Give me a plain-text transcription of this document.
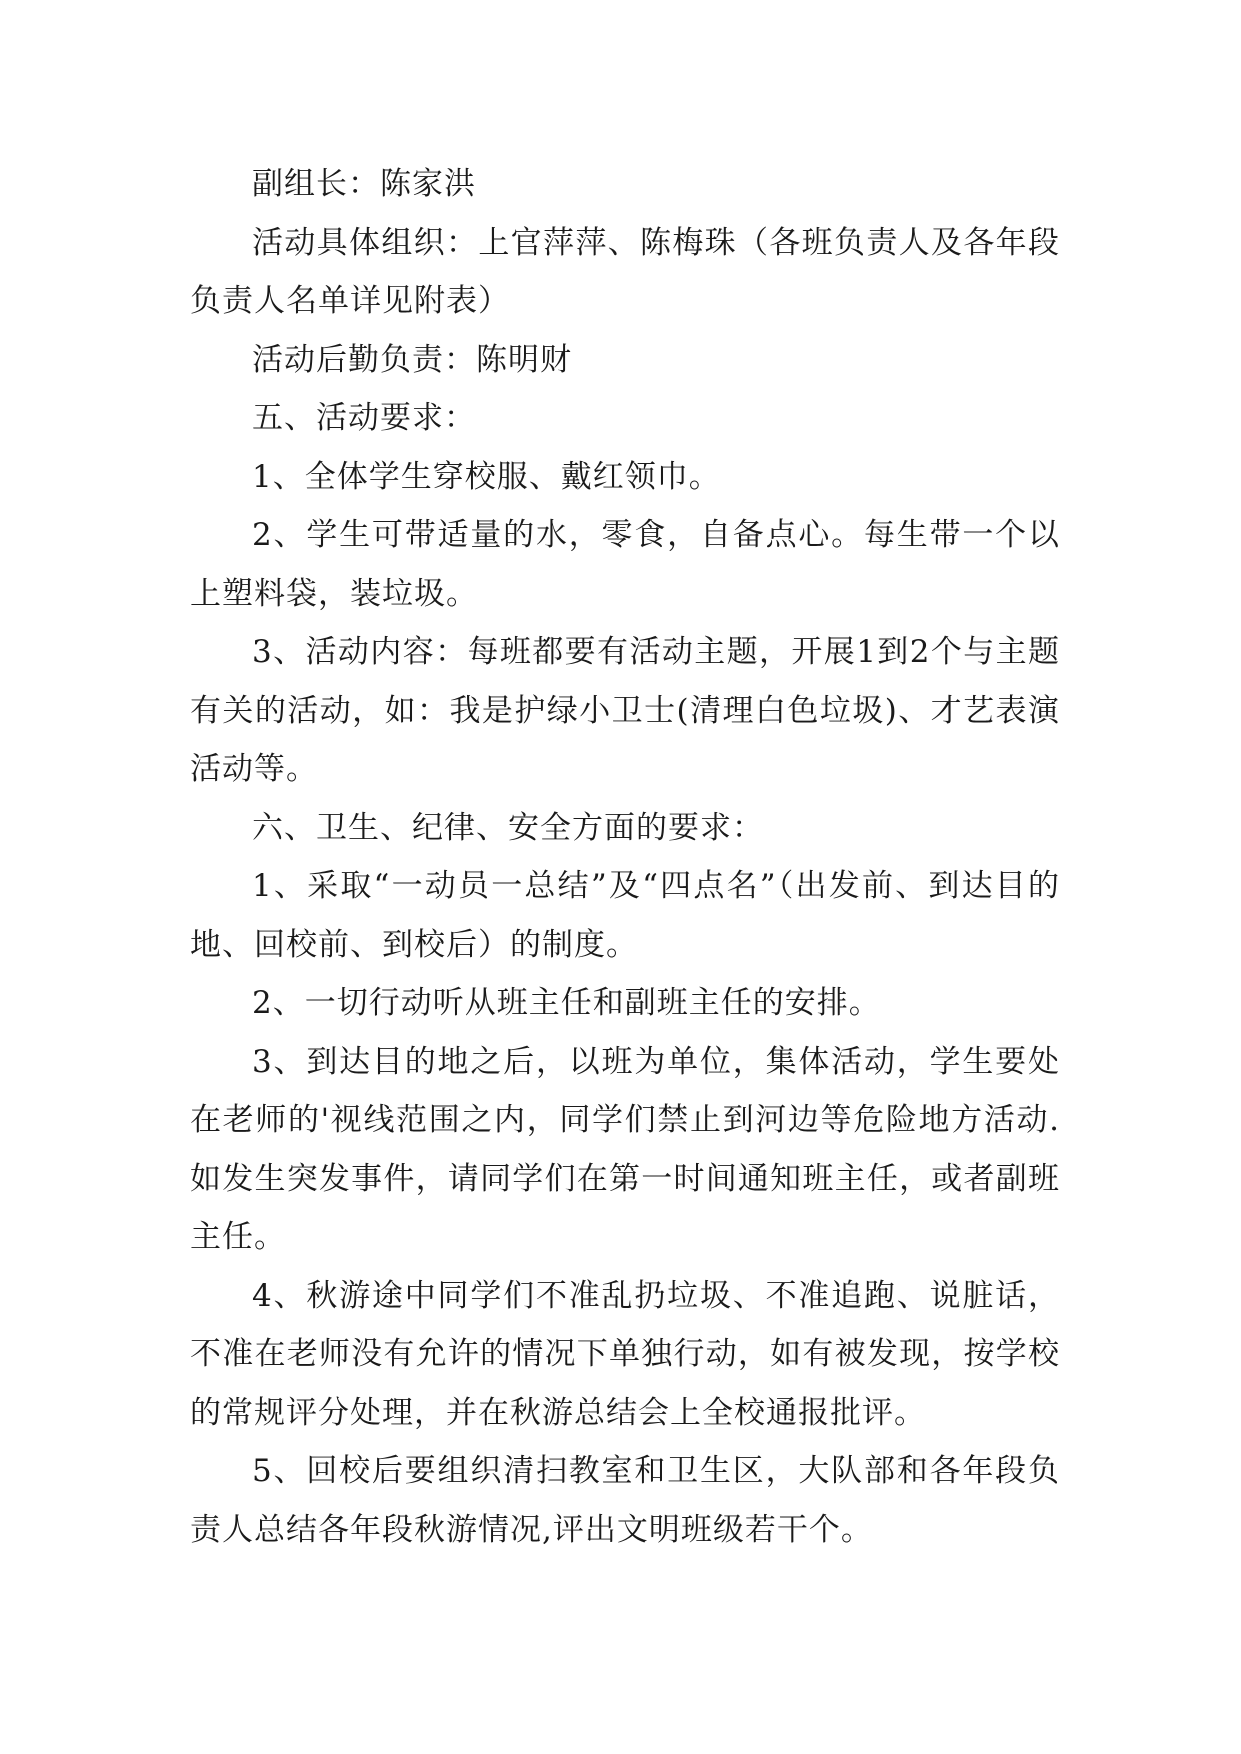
副组长：陈家洪

活动具体组织：上官萍萍、陈梅珠（各班负责人及各年段负责人名单详见附表）

活动后勤负责：陈明财

五、活动要求：

1、全体学生穿校服、戴红领巾。

2、学生可带适量的水，零食，自备点心。每生带一个以上塑料袋，装垃圾。

3、活动内容：每班都要有活动主题，开展1到2个与主题有关的活动，如：我是护绿小卫士(清理白色垃圾)、才艺表演活动等。

六、卫生、纪律、安全方面的要求：

1、采取“一动员一总结”及“四点名”（出发前、到达目的地、回校前、到校后）的制度。

2、一切行动听从班主任和副班主任的安排。

3、到达目的地之后，以班为单位，集体活动，学生要处在老师的'视线范围之内，同学们禁止到河边等危险地方活动.如发生突发事件，请同学们在第一时间通知班主任，或者副班主任。

4、秋游途中同学们不准乱扔垃圾、不准追跑、说脏话，不准在老师没有允许的情况下单独行动，如有被发现，按学校的常规评分处理，并在秋游总结会上全校通报批评。

5、回校后要组织清扫教室和卫生区，大队部和各年段负责人总结各年段秋游情况,评出文明班级若干个。
